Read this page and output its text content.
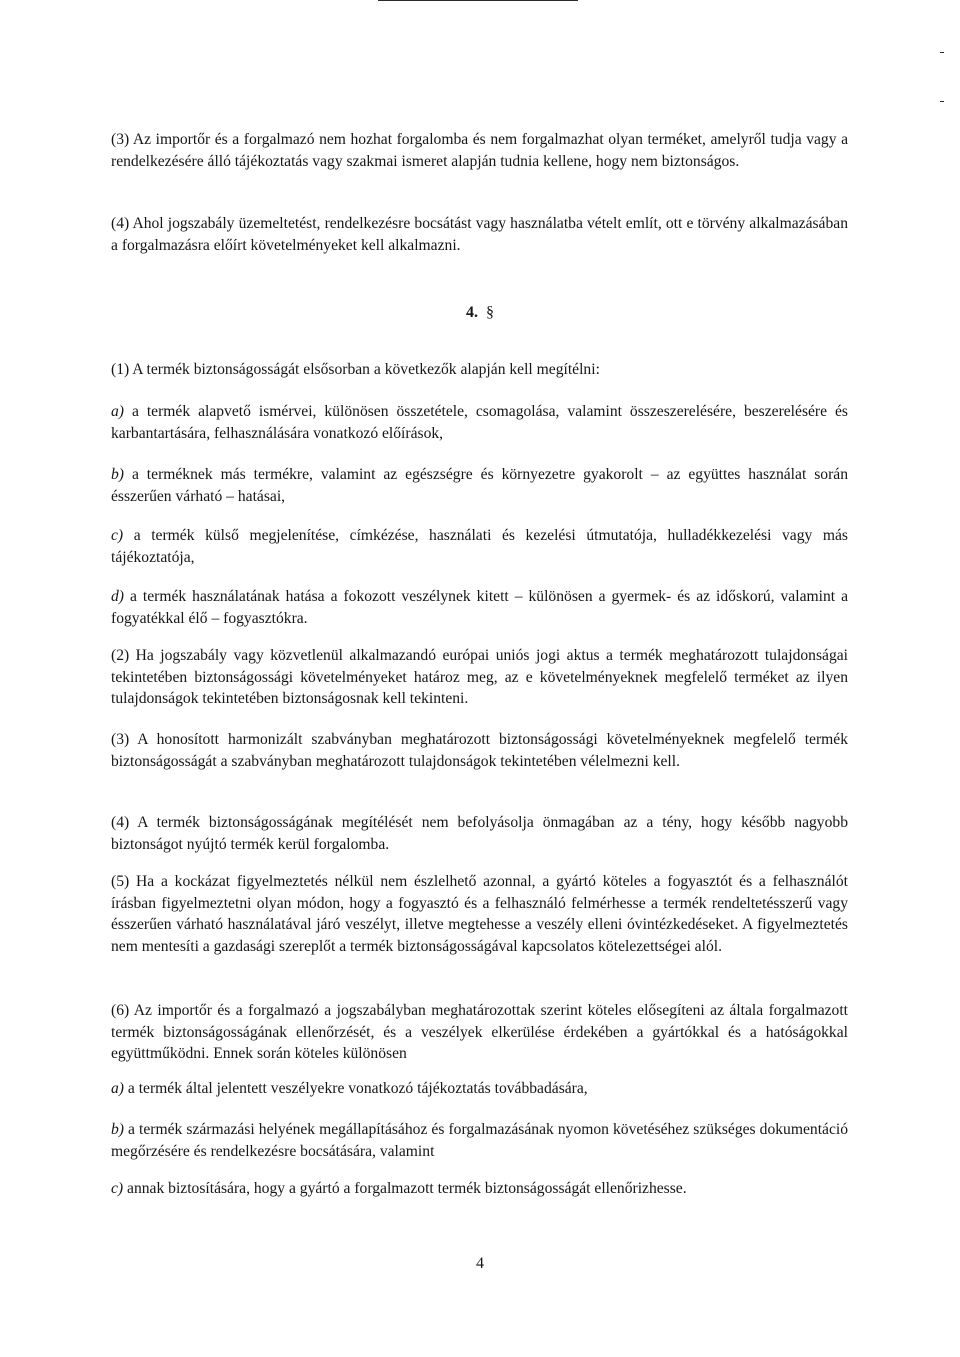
(3) Az importőr és a forgalmazó nem hozhat forgalomba és nem forgalmazhat olyan terméket, amelyről tudja vagy a rendelkezésére álló tájékoztatás vagy szakmai ismeret alapján tudnia kellene, hogy nem biztonságos.

(4) Ahol jogszabály üzemeltetést, rendelkezésre bocsátást vagy használatba vételt említ, ott e törvény alkalmazásában a forgalmazásra előírt követelményeket kell alkalmazni.

4. §

(1) A termék biztonságosságát elsősorban a következők alapján kell megítélni:

a) a termék alapvető ismérvei, különösen összetétele, csomagolása, valamint összeszerelésére, beszerelésére és karbantartására, felhasználására vonatkozó előírások,

b) a terméknek más termékre, valamint az egészségre és környezetre gyakorolt – az együttes használat során ésszerűen várható – hatásai,

c) a termék külső megjelenítése, címkézése, használati és kezelési útmutatója, hulladékkezelési vagy más tájékoztatója,

d) a termék használatának hatása a fokozott veszélynek kitett – különösen a gyermek- és az időskorú, valamint a fogyatékkal élő – fogyasztókra.

(2) Ha jogszabály vagy közvetlenül alkalmazandó európai uniós jogi aktus a termék meghatározott tulajdonságai tekintetében biztonságossági követelményeket határoz meg, az e követelményeknek megfelelő terméket az ilyen tulajdonságok tekintetében biztonságosnak kell tekinteni.

(3) A honosított harmonizált szabványban meghatározott biztonságossági követelményeknek megfelelő termék biztonságosságát a szabványban meghatározott tulajdonságok tekintetében vélelmezni kell.

(4) A termék biztonságosságának megítélését nem befolyásolja önmagában az a tény, hogy később nagyobb biztonságot nyújtó termék kerül forgalomba.

(5) Ha a kockázat figyelmeztetés nélkül nem észlelhető azonnal, a gyártó köteles a fogyasztót és a felhasználót írásban figyelmeztetni olyan módon, hogy a fogyasztó és a felhasználó felmérhesse a termék rendeltetésszerű vagy ésszerűen várható használatával járó veszélyt, illetve megtehesse a veszély elleni óvintézkedéseket. A figyelmeztetés nem mentesíti a gazdasági szereplőt a termék biztonságosságával kapcsolatos kötelezettségei alól.

(6) Az importőr és a forgalmazó a jogszabályban meghatározottak szerint köteles elősegíteni az általa forgalmazott termék biztonságosságának ellenőrzését, és a veszélyek elkerülése érdekében a gyártókkal és a hatóságokkal együttműködni. Ennek során köteles különösen

a) a termék által jelentett veszélyekre vonatkozó tájékoztatás továbbadására,

b) a termék származási helyének megállapításához és forgalmazásának nyomon követéséhez szükséges dokumentáció megőrzésére és rendelkezésre bocsátására, valamint

c) annak biztosítására, hogy a gyártó a forgalmazott termék biztonságosságát ellenőrizhesse.

4
